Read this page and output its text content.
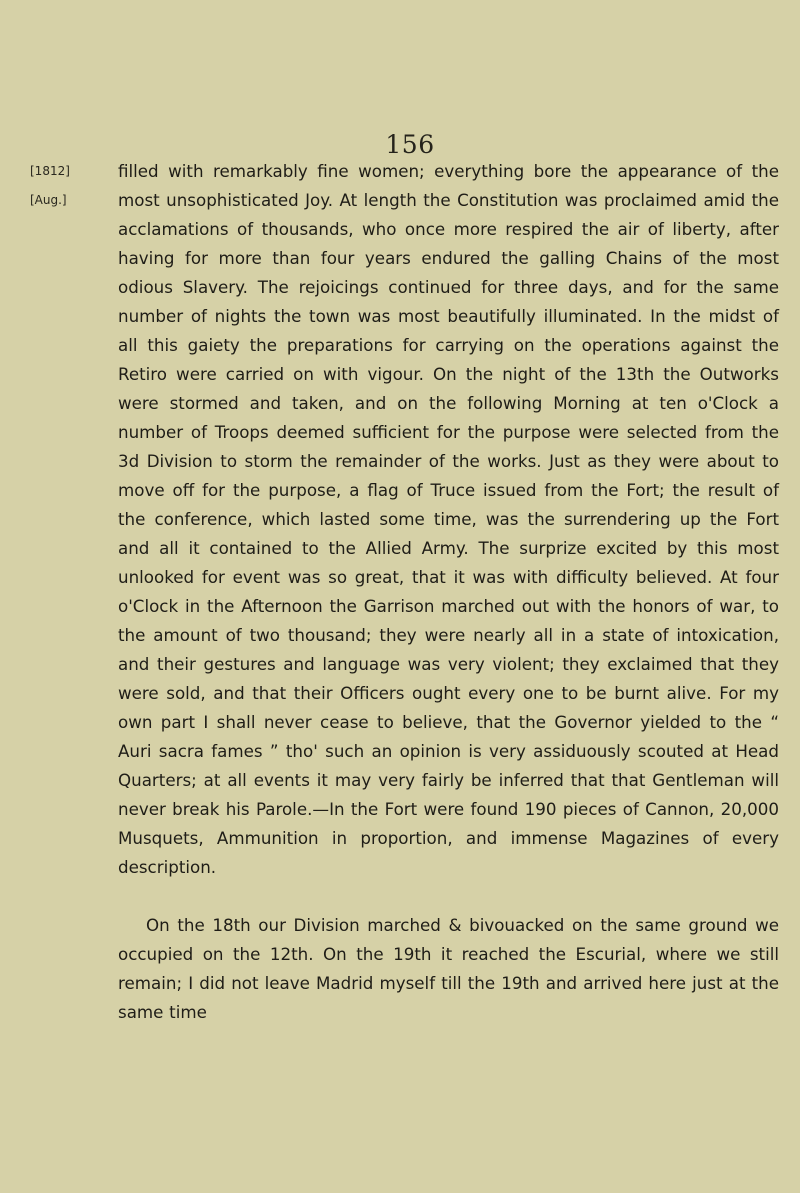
156
[1812]
[Aug.]

filled with remarkably fine women; everything bore the appearance of the most unsophisticated Joy. At length the Constitution was proclaimed amid the acclamations of thousands, who once more respired the air of liberty, after having for more than four years endured the galling Chains of the most odious Slavery. The rejoicings continued for three days, and for the same number of nights the town was most beautifully illuminated. In the midst of all this gaiety the preparations for carrying on the operations against the Retiro were carried on with vigour. On the night of the 13th the Outworks were stormed and taken, and on the following Morning at ten o'Clock a number of Troops deemed sufficient for the purpose were selected from the 3d Division to storm the remainder of the works. Just as they were about to move off for the purpose, a flag of Truce issued from the Fort; the result of the conference, which lasted some time, was the surrendering up the Fort and all it contained to the Allied Army. The surprize excited by this most unlooked for event was so great, that it was with difficulty believed. At four o'Clock in the Afternoon the Garrison marched out with the honors of war, to the amount of two thousand; they were nearly all in a state of intoxication, and their gestures and language was very violent; they exclaimed that they were sold, and that their Officers ought every one to be burnt alive. For my own part I shall never cease to believe, that the Governor yielded to the “ Auri sacra fames ” tho' such an opinion is very assiduously scouted at Head Quarters; at all events it may very fairly be inferred that that Gentleman will never break his Parole.—In the Fort were found 190 pieces of Cannon, 20,000 Musquets, Ammunition in proportion, and immense Magazines of every description.

On the 18th our Division marched & bivouacked on the same ground we occupied on the 12th. On the 19th it reached the Escurial, where we still remain; I did not leave Madrid myself till the 19th and arrived here just at the same time
